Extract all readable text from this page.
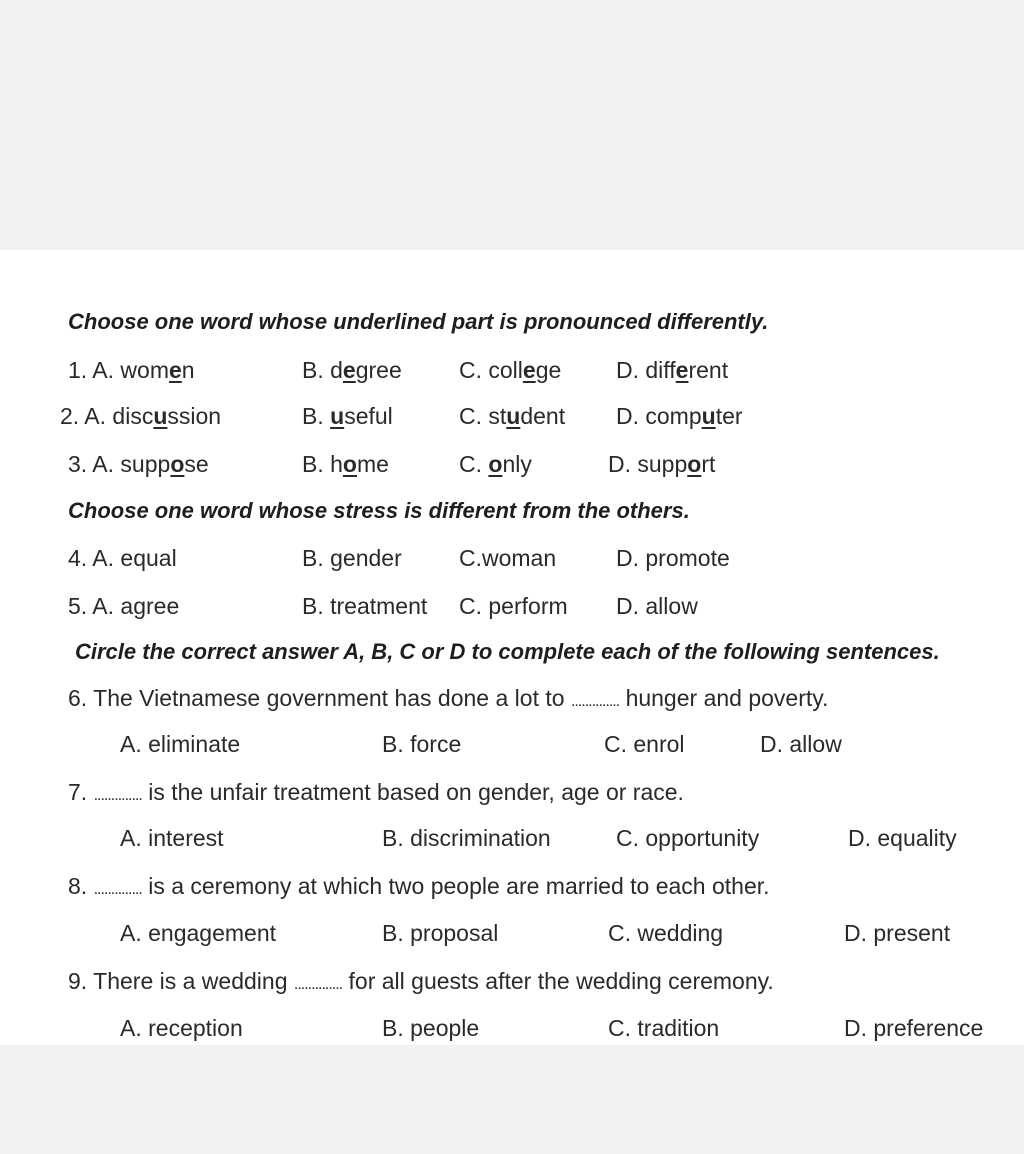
Choose one word whose underlined part is pronounced differently.
1. A. women	B. degree C. college D. different
2. A. discussion	B. useful	C. student D. computer
3. A. suppose	B. home	C. only	D. support
Choose one word whose stress is different from the others.
4. A. equal	B. gender C.woman	D. promote
5. A. agree	B. treatment C. perform D. allow
Circle the correct answer A, B, C or D to complete each of the following sentences.
6. The Vietnamese government has done a lot to .............. hunger and poverty.
A. eliminate	B. force	C. enrol	D. allow
7. .............. is the unfair treatment based on gender, age or race.
A. interest	B. discrimination	C. opportunity	D. equality
8. .............. is a ceremony at which two people are married to each other.
A. engagement	B. proposal	C. wedding	D. present
9. There is a wedding .............. for all guests after the wedding ceremony.
A. reception	B. people	C. tradition	D. preference
